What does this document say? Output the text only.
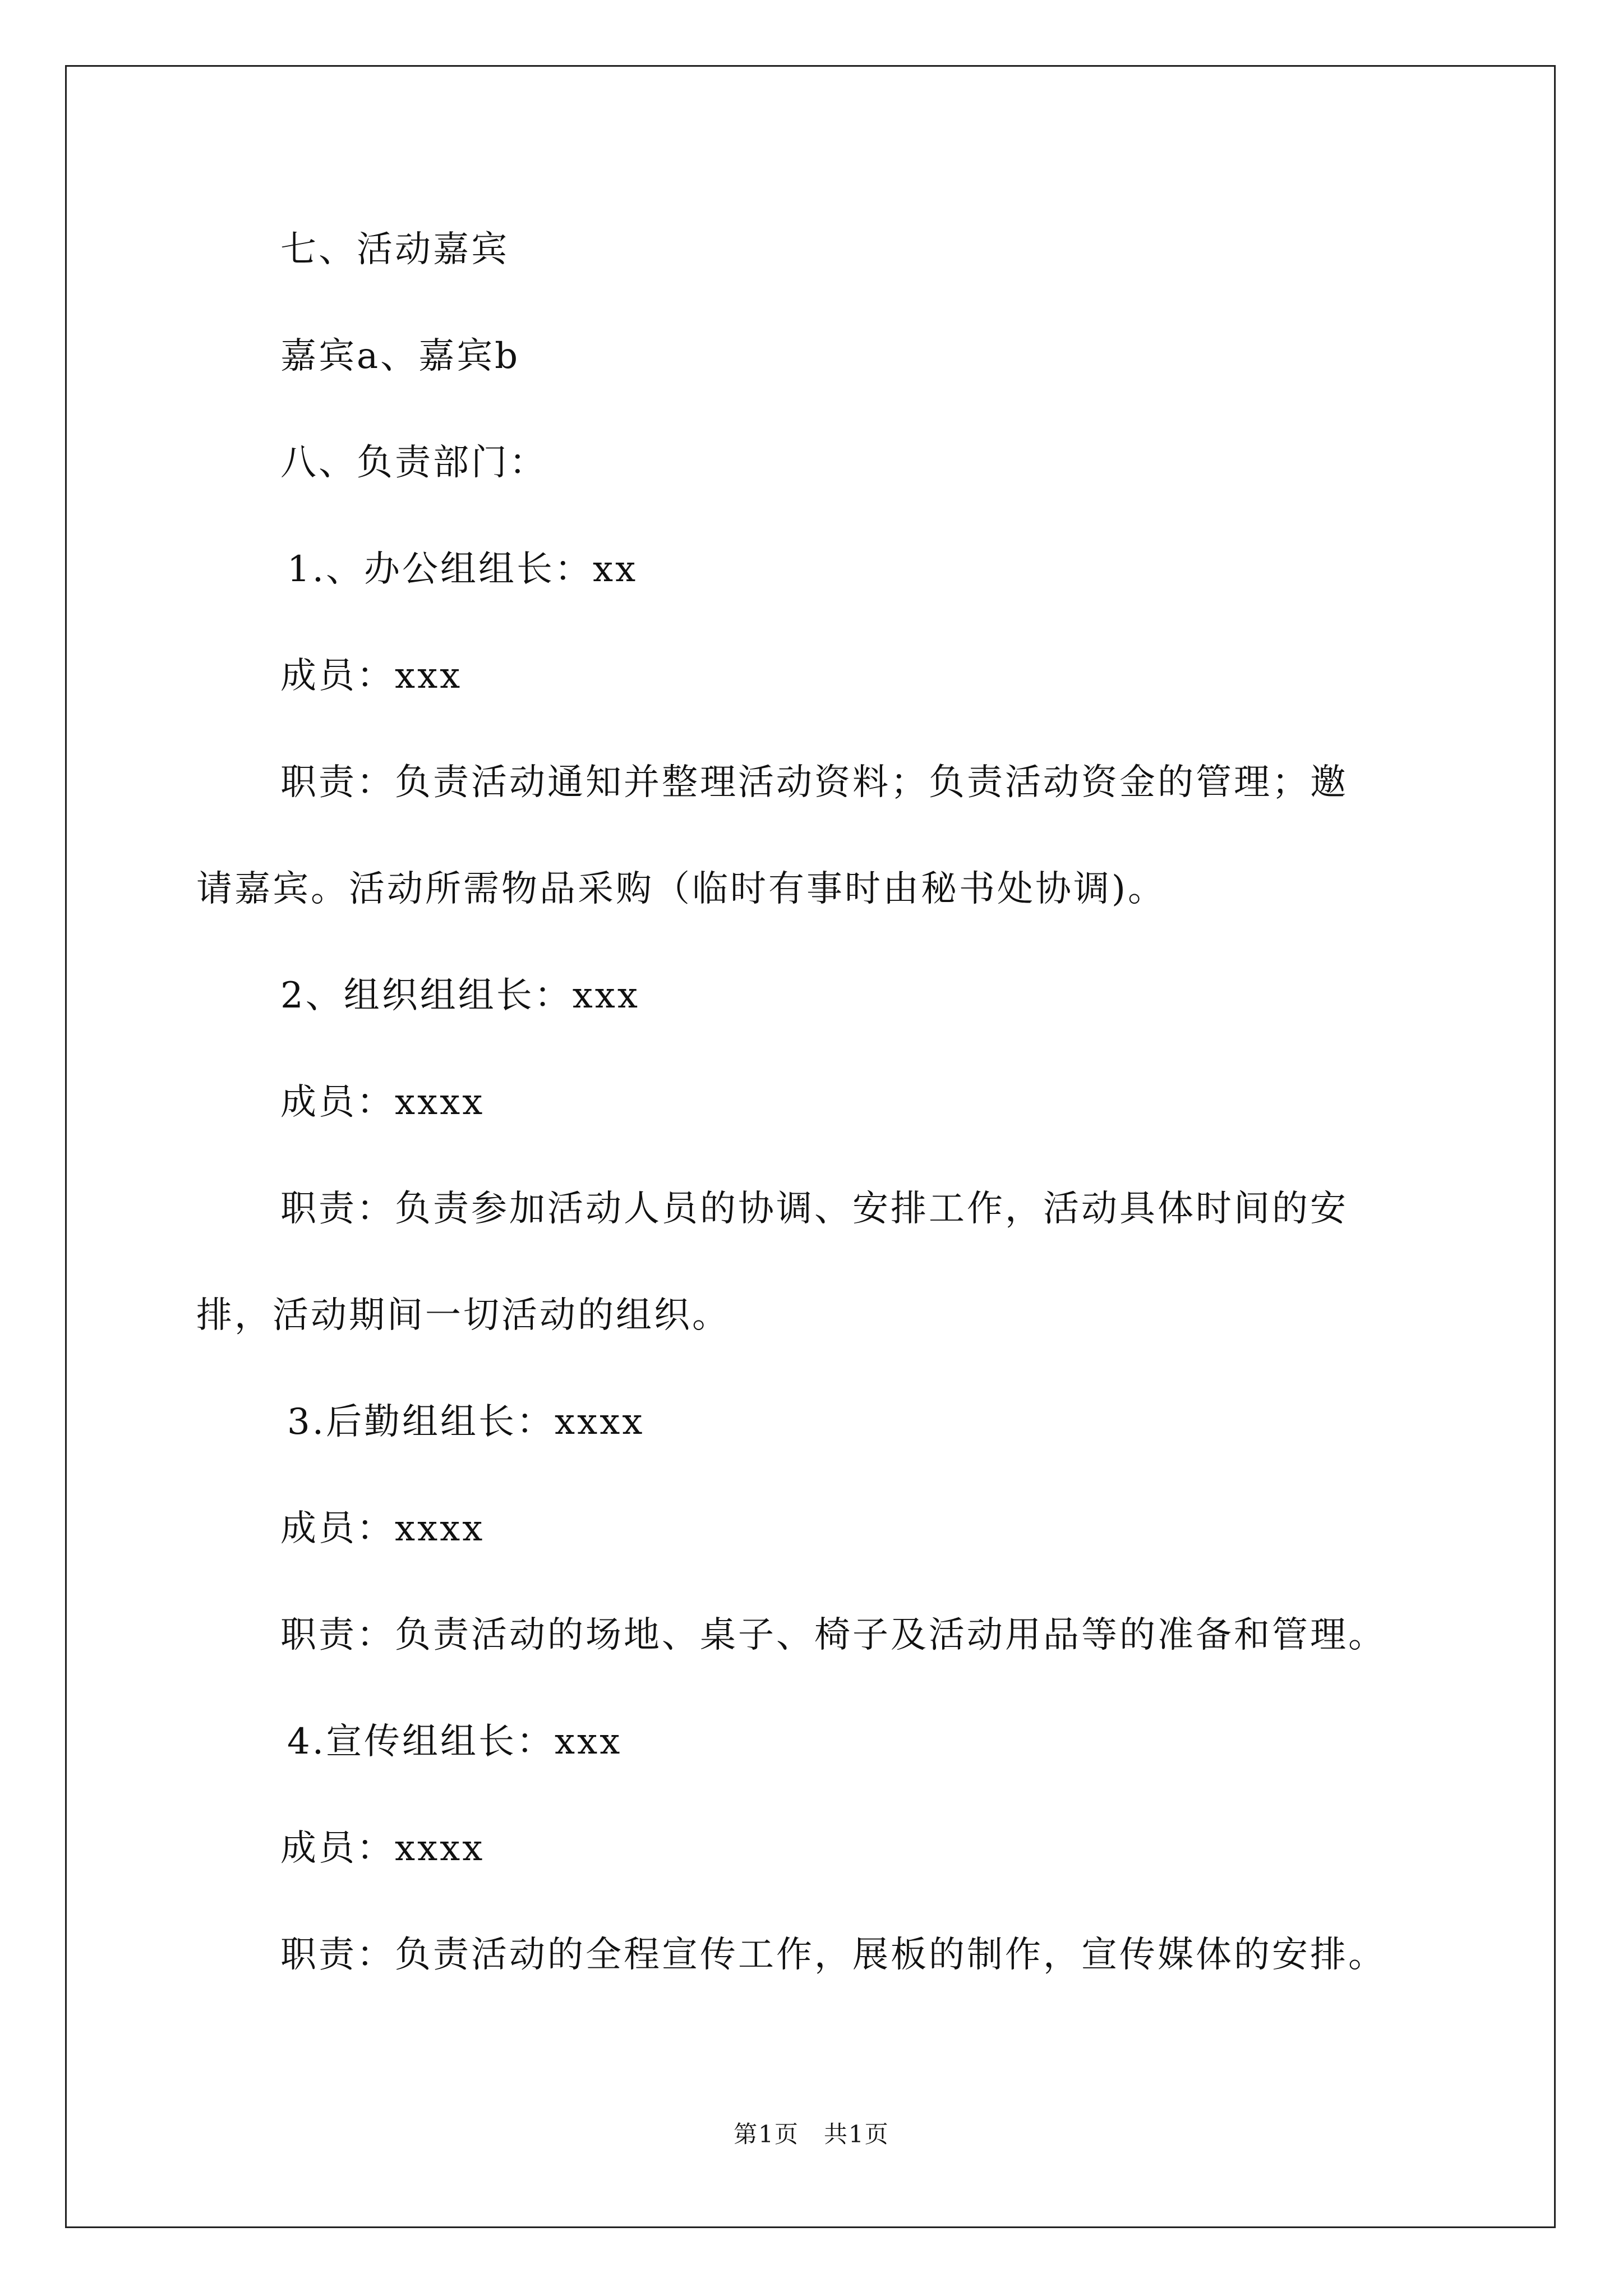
七、活动嘉宾
嘉宾a、嘉宾b
八、负责部门：
1.、办公组组长：xx
成员：xxx
职责：负责活动通知并整理活动资料；负责活动资金的管理；邀
请嘉宾。活动所需物品采购（临时有事时由秘书处协调)。
2、组织组组长：xxx
成员：xxxx
职责：负责参加活动人员的协调、安排工作，活动具体时间的安
排，活动期间一切活动的组织。
3.后勤组组长：xxxx
成员：xxxx
职责：负责活动的场地、桌子、椅子及活动用品等的准备和管理。
4.宣传组组长：xxx
成员：xxxx
职责：负责活动的全程宣传工作，展板的制作，宣传媒体的安排。
第1页　共1页
